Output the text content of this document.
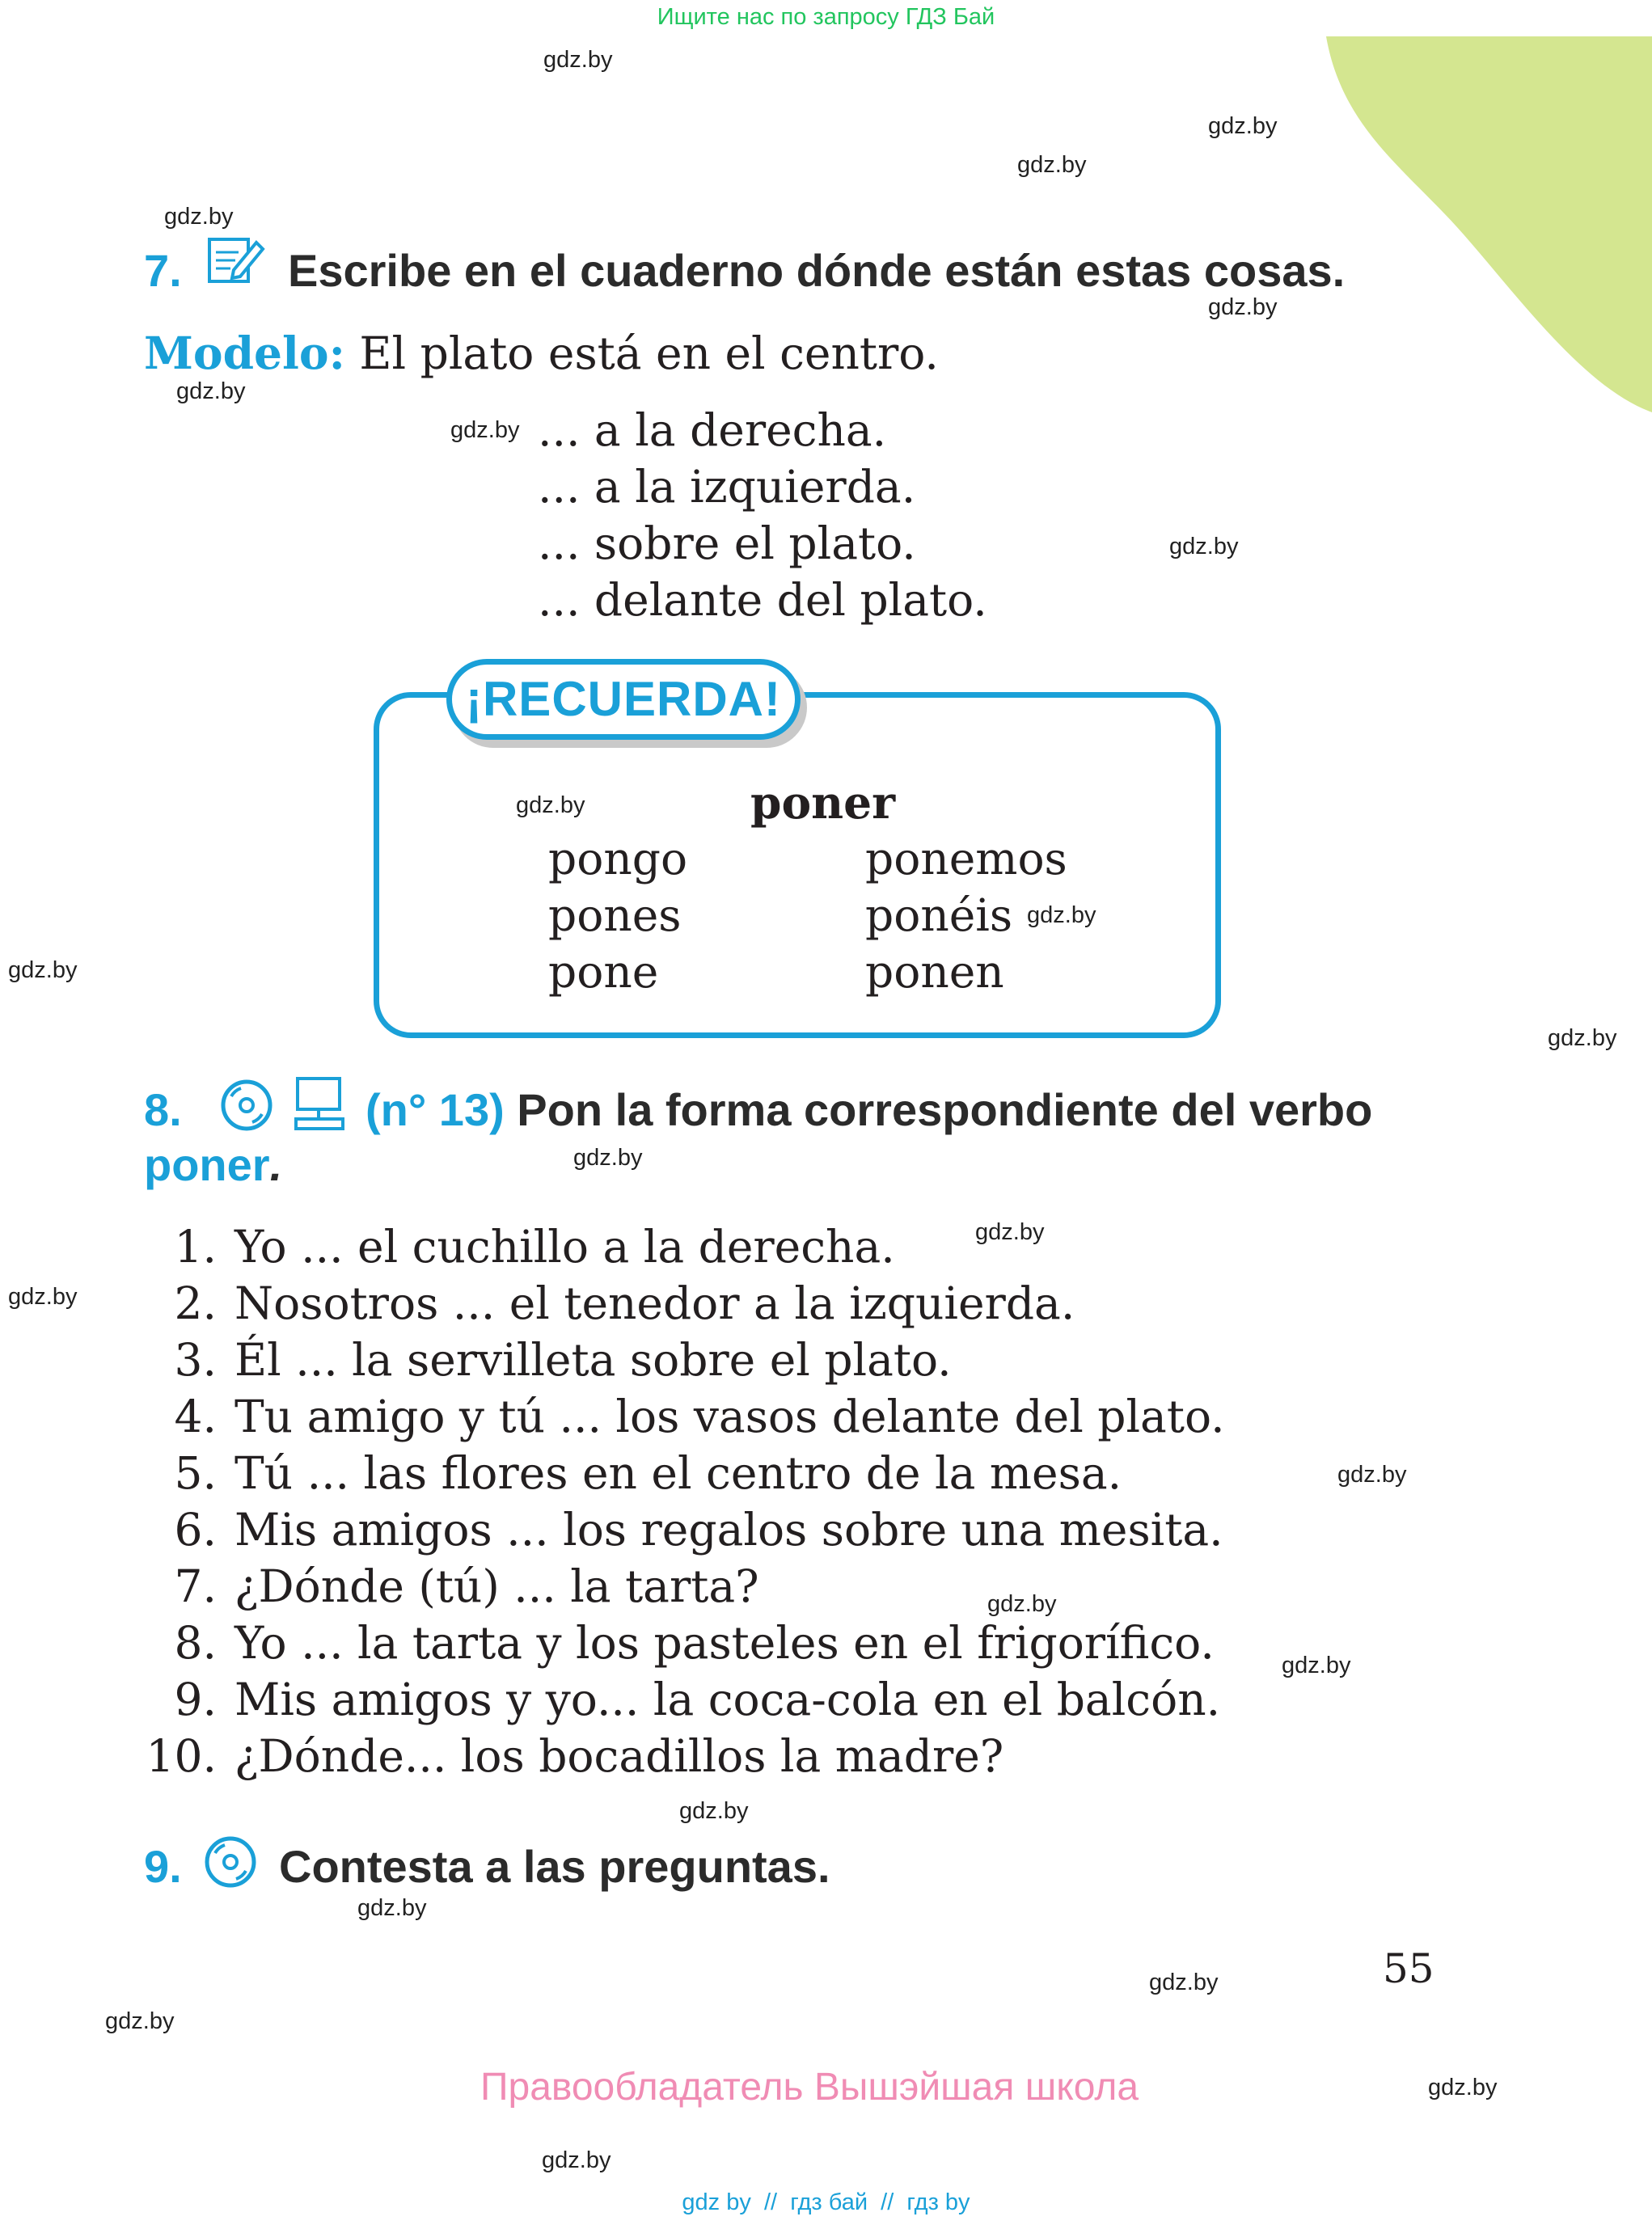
Ищите нас по запросу ГДЗ Бай
gdz.by
gdz.by
gdz.by
gdz.by
gdz.by
gdz.by
gdz.by
gdz.by
gdz.by
gdz.by
gdz.by
gdz.by
gdz.by
gdz.by
gdz.by
gdz.by
gdz.by
gdz.by
gdz.by
gdz.by
gdz.by
gdz.by
gdz.by
gdz.by
7. Escribe en el cuaderno dónde están estas cosas.
Modelo: El plato está en el centro.
... a la derecha.
... a la izquierda.
... sobre el plato.
... delante del plato.
¡RECUERDA!
poner
pongo
pones
pone
ponemos
ponéis
ponen
8.	(n° 13) Pon la forma correspondiente del verbo
poner.
1. Yo ... el cuchillo a la derecha.
2. Nosotros ... el tenedor a la izquierda.
3. Él ... la servilleta sobre el plato.
4. Tu amigo y tú ... los vasos delante del plato.
5. Tú ... las flores en el centro de la mesa.
6. Mis amigos ... los regalos sobre una mesita.
7. ¿Dónde (tú) ... la tarta?
8. Yo ... la tarta y los pasteles en el frigorífico.
9. Mis amigos y yo... la coca-cola en el balcón.
10. ¿Dónde... los bocadillos la madre?
9. Contesta a las preguntas.
55
Правообладатель Вышэйшая школа
gdz by  //  гдз бай  //  гдз by
